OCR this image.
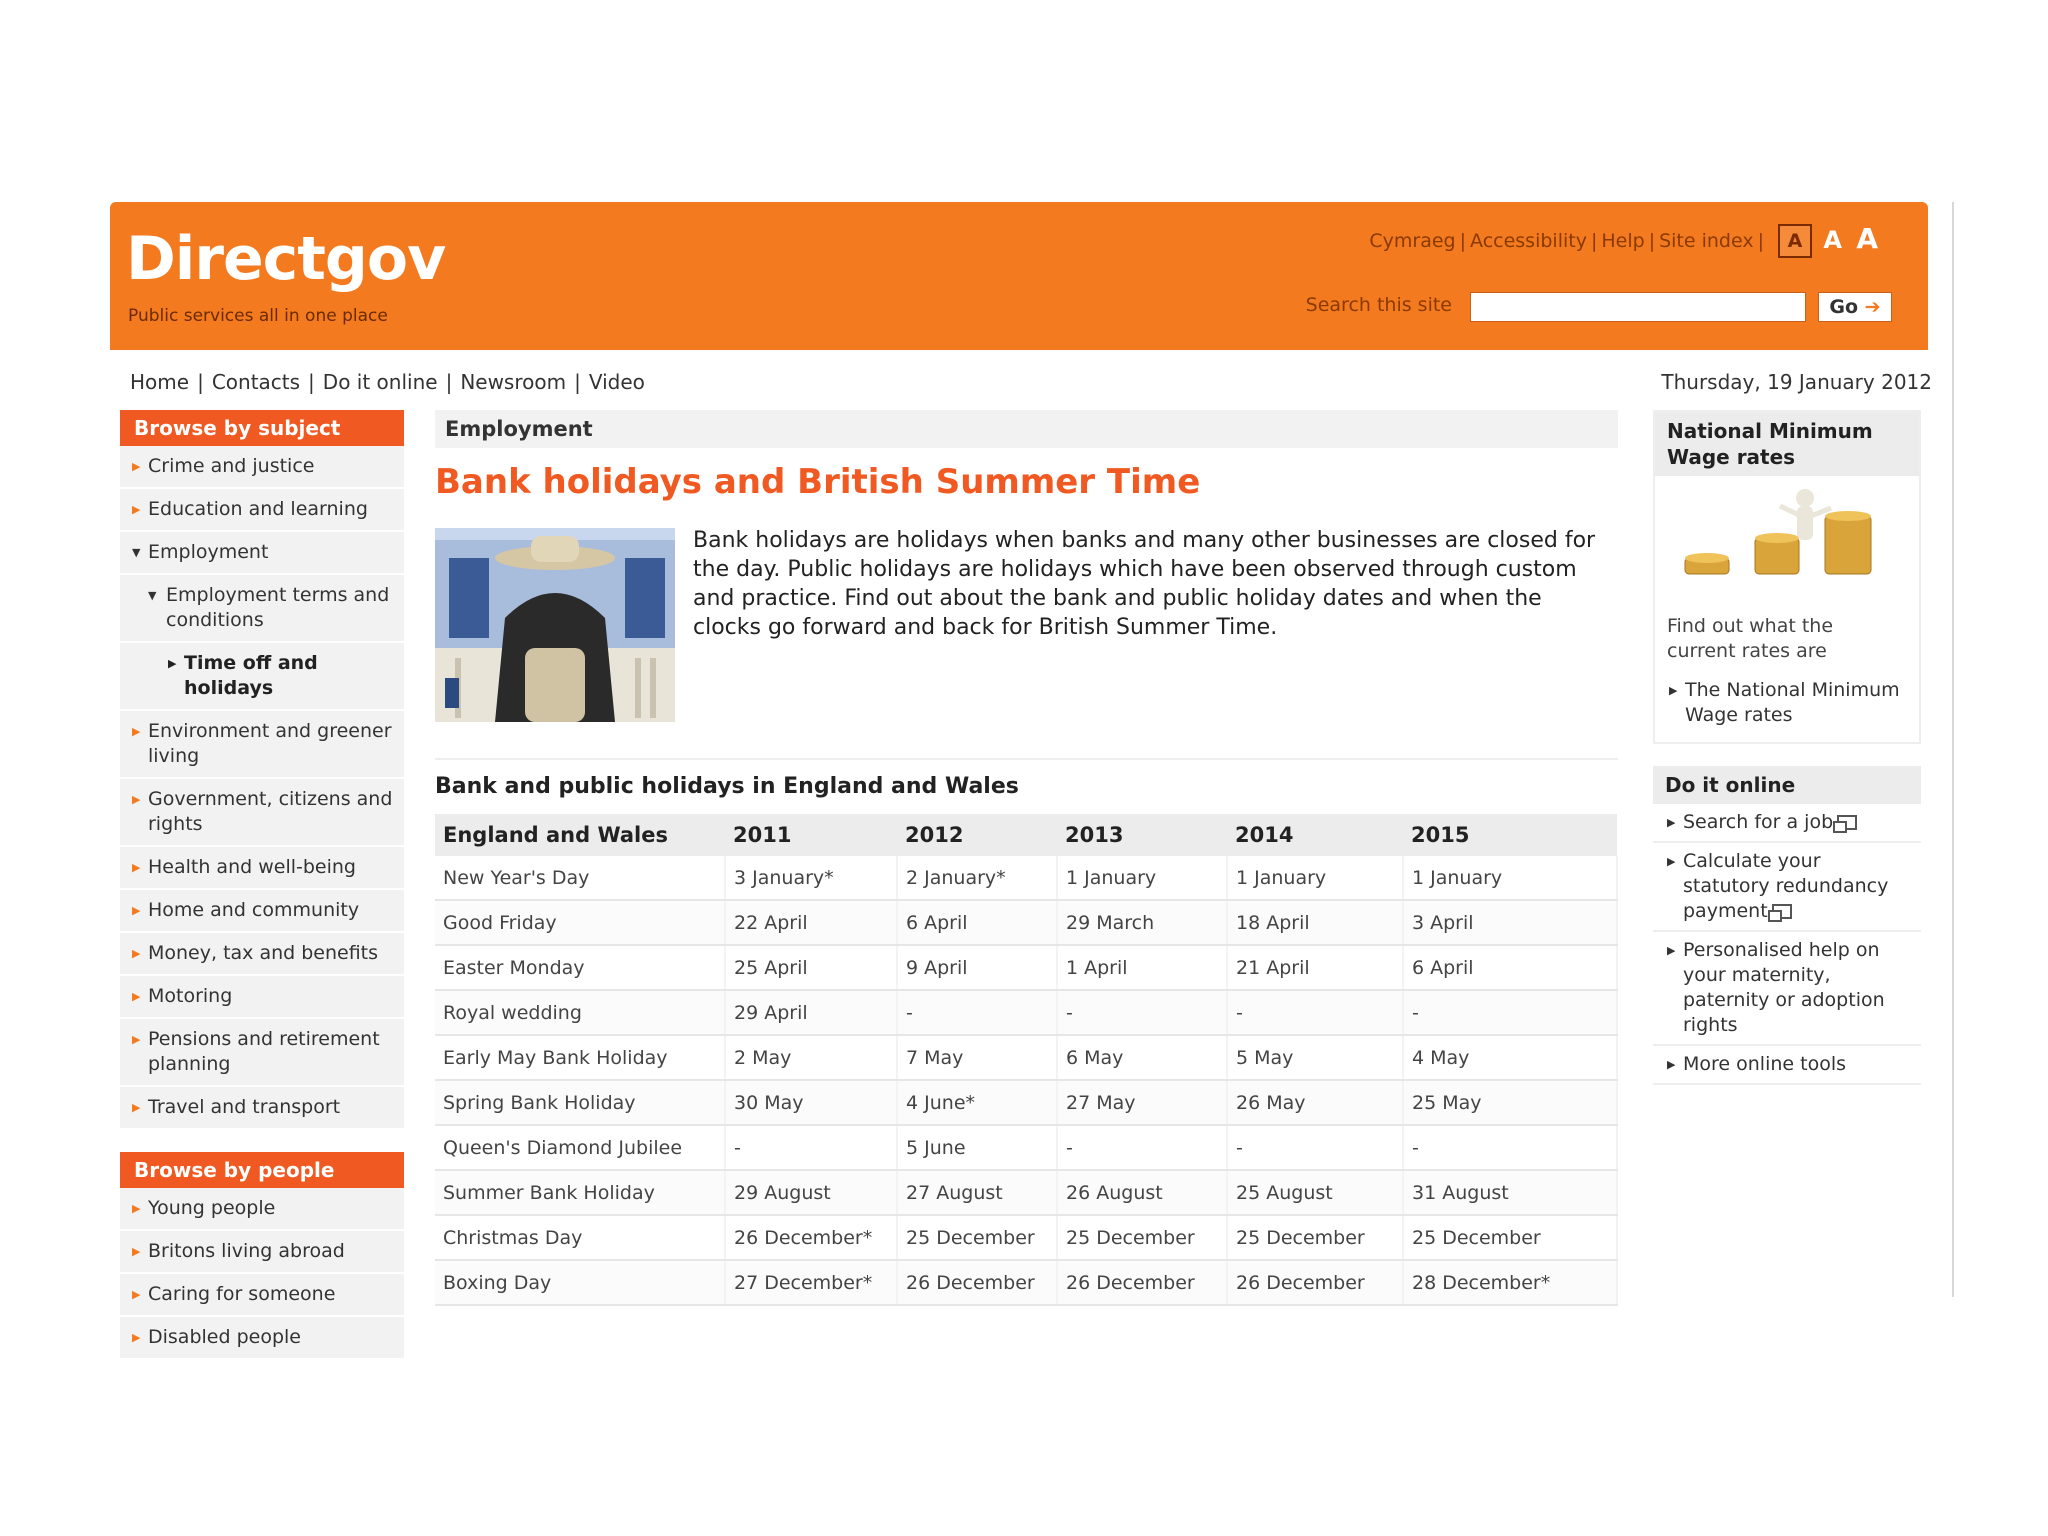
Directgov
Public services all in one place
Cymraeg | Accessibility | Help | Site index |	A A A
Search this site	Go ➔
Home | Contacts | Do it online | Newsroom | Video	Thursday, 19 January 2012
Browse by subject
▶ Crime and justice
▶ Education and learning
▼ Employment
▼ Employment terms and conditions
▶ Time off and holidays
▶ Environment and greener living
▶ Government, citizens and rights
▶ Health and well-being
▶ Home and community
▶ Money, tax and benefits
▶ Motoring
▶ Pensions and retirement planning
▶ Travel and transport
Browse by people
▶ Young people
▶ Britons living abroad
▶ Caring for someone
▶ Disabled people
Employment
Bank holidays and British Summer Time
Bank holidays are holidays when banks and many other businesses are closed for the day. Public holidays are holidays which have been observed through custom and practice. Find out about the bank and public holiday dates and when the clocks go forward and back for British Summer Time.
Bank and public holidays in England and Wales
England and Wales	2011	2012	2013	2014	2015
New Year's Day	3 January*	2 January*	1 January	1 January	1 January
Good Friday	22 April	6 April	29 March	18 April	3 April
Easter Monday	25 April	9 April	1 April	21 April	6 April
Royal wedding	29 April	-	-	-	-
Early May Bank Holiday	2 May	7 May	6 May	5 May	4 May
Spring Bank Holiday	30 May	4 June*	27 May	26 May	25 May
Queen's Diamond Jubilee	-	5 June	-	-	-
Summer Bank Holiday	29 August	27 August	26 August	25 August	31 August
Christmas Day	26 December*	25 December	25 December	25 December	25 December
Boxing Day	27 December*	26 December	26 December	26 December	28 December*
National Minimum Wage rates
Find out what the current rates are
▶ The National Minimum Wage rates
Do it online
▶ Search for a job
▶ Calculate your statutory redundancy payment
▶ Personalised help on your maternity, paternity or adoption rights
▶ More online tools
